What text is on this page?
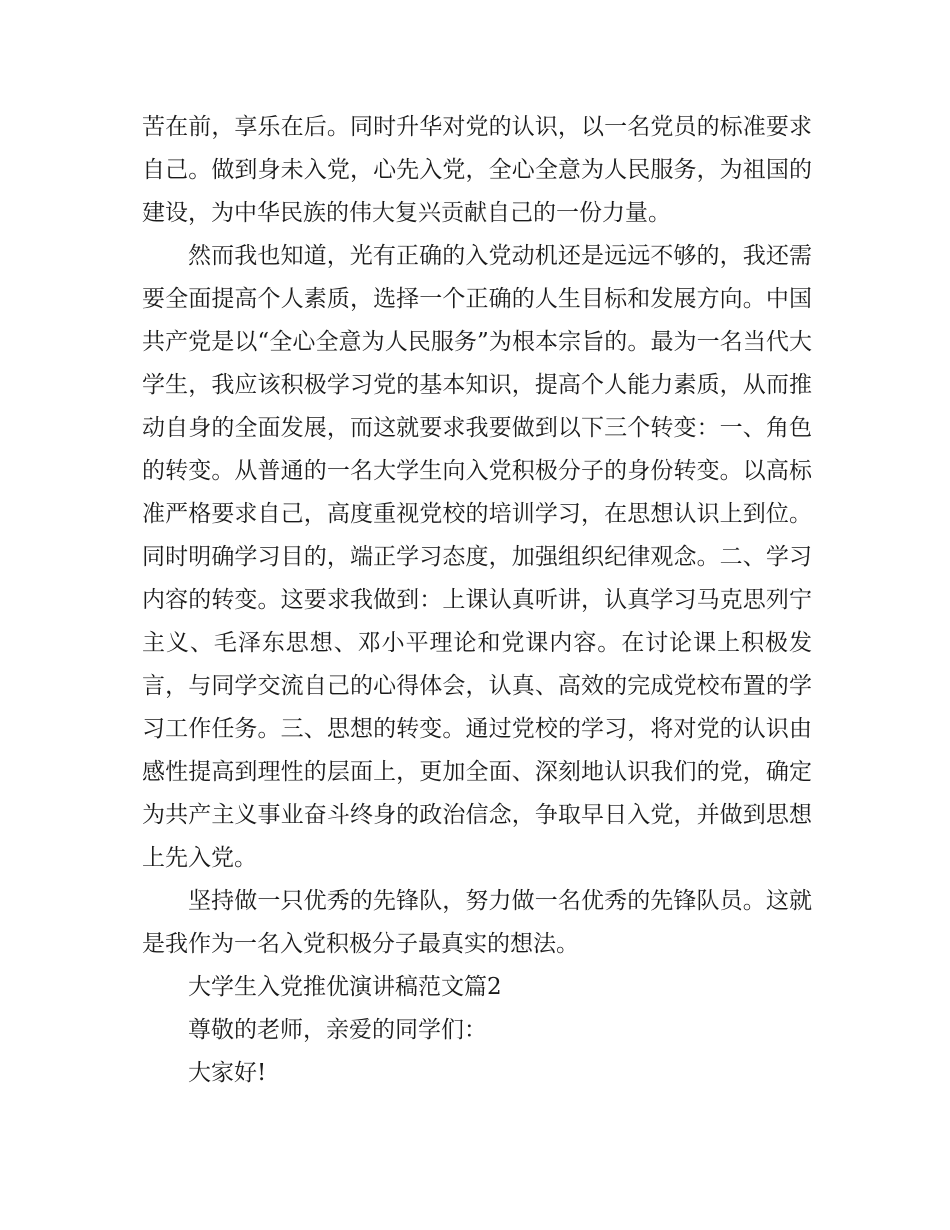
苦在前，享乐在后。同时升华对党的认识，以一名党员的标准要求自己。做到身未入党，心先入党，全心全意为人民服务，为祖国的建设，为中华民族的伟大复兴贡献自己的一份力量。

然而我也知道，光有正确的入党动机还是远远不够的，我还需要全面提高个人素质，选择一个正确的人生目标和发展方向。中国共产党是以“全心全意为人民服务”为根本宗旨的。最为一名当代大学生，我应该积极学习党的基本知识，提高个人能力素质，从而推动自身的全面发展，而这就要求我要做到以下三个转变：一、角色的转变。从普通的一名大学生向入党积极分子的身份转变。以高标准严格要求自己，高度重视党校的培训学习，在思想认识上到位。同时明确学习目的，端正学习态度，加强组织纪律观念。二、学习内容的转变。这要求我做到：上课认真听讲，认真学习马克思列宁主义、毛泽东思想、邓小平理论和党课内容。在讨论课上积极发言，与同学交流自己的心得体会，认真、高效的完成党校布置的学习工作任务。三、思想的转变。通过党校的学习，将对党的认识由感性提高到理性的层面上，更加全面、深刻地认识我们的党，确定为共产主义事业奋斗终身的政治信念，争取早日入党，并做到思想上先入党。

坚持做一只优秀的先锋队，努力做一名优秀的先锋队员。这就是我作为一名入党积极分子最真实的想法。

大学生入党推优演讲稿范文篇2

尊敬的老师，亲爱的同学们：

大家好!
